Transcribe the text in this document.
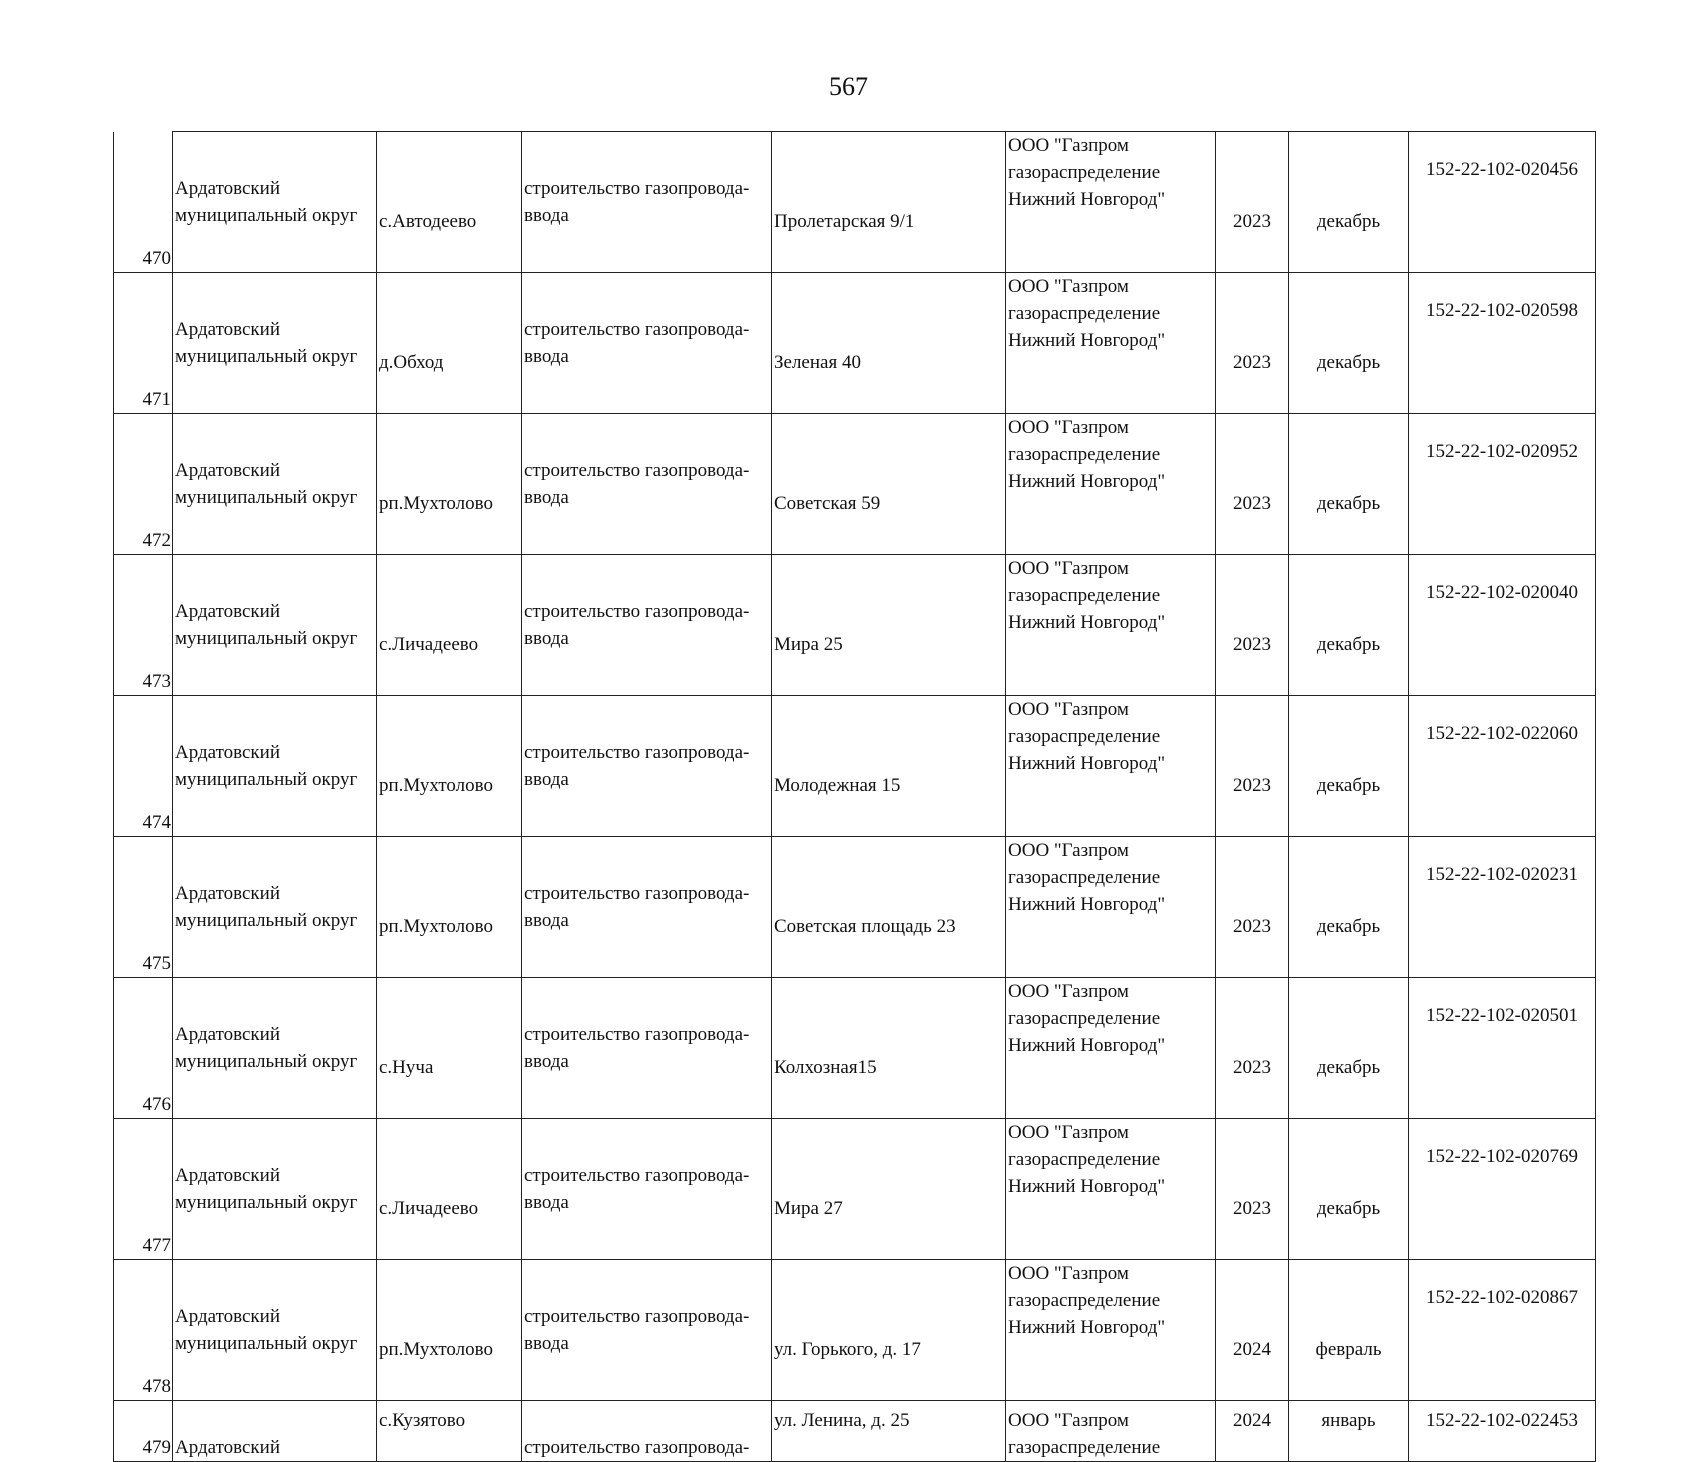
567
470	Ардатовский
муниципальный округ	с.Автодеево	строительство газопровода-
ввода	Пролетарская 9/1	ООО "Газпром
газораспределение
Нижний Новгород"	2023	декабрь	152-22-102-020456
471	Ардатовский
муниципальный округ	д.Обход	строительство газопровода-
ввода	Зеленая 40	ООО "Газпром
газораспределение
Нижний Новгород"	2023	декабрь	152-22-102-020598
472	Ардатовский
муниципальный округ	рп.Мухтолово	строительство газопровода-
ввода	Советская 59	ООО "Газпром
газораспределение
Нижний Новгород"	2023	декабрь	152-22-102-020952
473	Ардатовский
муниципальный округ	с.Личадеево	строительство газопровода-
ввода	Мира 25	ООО "Газпром
газораспределение
Нижний Новгород"	2023	декабрь	152-22-102-020040
474	Ардатовский
муниципальный округ	рп.Мухтолово	строительство газопровода-
ввода	Молодежная 15	ООО "Газпром
газораспределение
Нижний Новгород"	2023	декабрь	152-22-102-022060
475	Ардатовский
муниципальный округ	рп.Мухтолово	строительство газопровода-
ввода	Советская площадь 23	ООО "Газпром
газораспределение
Нижний Новгород"	2023	декабрь	152-22-102-020231
476	Ардатовский
муниципальный округ	с.Нуча	строительство газопровода-
ввода	Колхозная15	ООО "Газпром
газораспределение
Нижний Новгород"	2023	декабрь	152-22-102-020501
477	Ардатовский
муниципальный округ	с.Личадеево	строительство газопровода-
ввода	Мира 27	ООО "Газпром
газораспределение
Нижний Новгород"	2023	декабрь	152-22-102-020769
478	Ардатовский
муниципальный округ	рп.Мухтолово	строительство газопровода-
ввода	ул. Горького, д. 17	ООО "Газпром
газораспределение
Нижний Новгород"	2024	февраль	152-22-102-020867
479	Ардатовский	с.Кузятово	строительство газопровода-	ул. Ленина, д. 25	ООО "Газпром
газораспределение	2024	январь	152-22-102-022453
